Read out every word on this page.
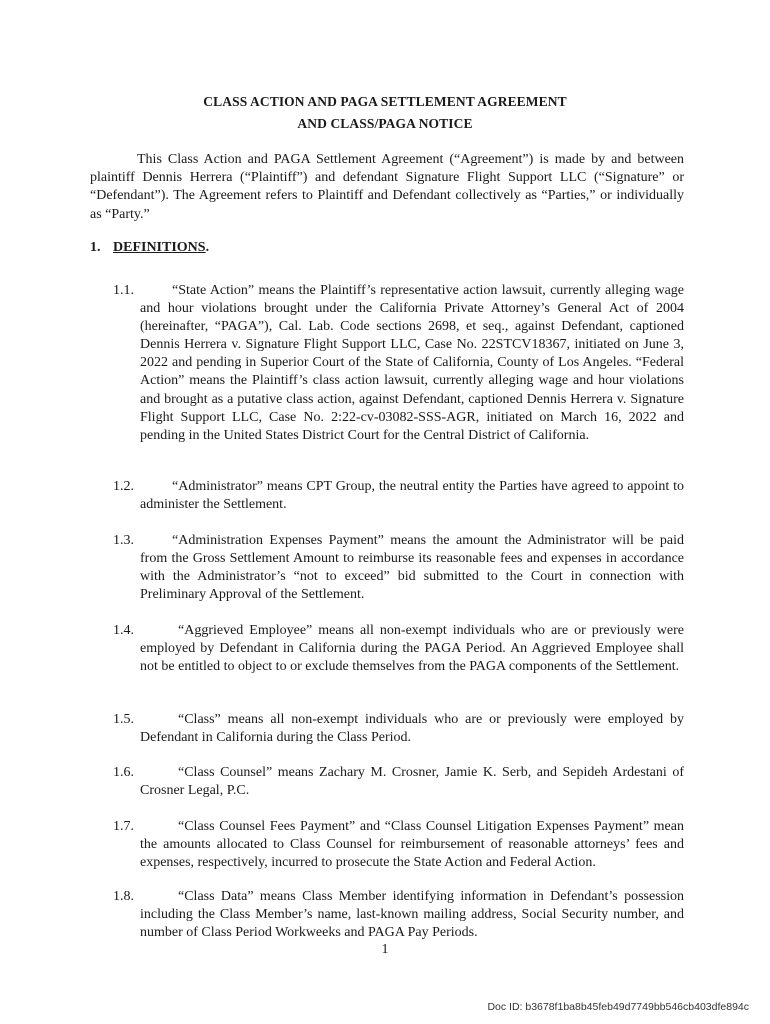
CLASS ACTION AND PAGA SETTLEMENT AGREEMENT
AND CLASS/PAGA NOTICE
This Class Action and PAGA Settlement Agreement (“Agreement”) is made by and between plaintiff Dennis Herrera (“Plaintiff”) and defendant Signature Flight Support LLC (“Signature” or “Defendant”). The Agreement refers to Plaintiff and Defendant collectively as “Parties,” or individually as “Party.”
1. DEFINITIONS.
1.1.	“State Action” means the Plaintiff’s representative action lawsuit, currently alleging wage and hour violations brought under the California Private Attorney’s General Act of 2004 (hereinafter, “PAGA”), Cal. Lab. Code sections 2698, et seq., against Defendant, captioned Dennis Herrera v. Signature Flight Support LLC, Case No. 22STCV18367, initiated on June 3, 2022 and pending in Superior Court of the State of California, County of Los Angeles. “Federal Action” means the Plaintiff’s class action lawsuit, currently alleging wage and hour violations and brought as a putative class action, against Defendant, captioned Dennis Herrera v. Signature Flight Support LLC, Case No. 2:22-cv-03082-SSS-AGR, initiated on March 16, 2022 and pending in the United States District Court for the Central District of California.
1.2.	“Administrator” means CPT Group, the neutral entity the Parties have agreed to appoint to administer the Settlement.
1.3.	“Administration Expenses Payment” means the amount the Administrator will be paid from the Gross Settlement Amount to reimburse its reasonable fees and expenses in accordance with the Administrator’s “not to exceed” bid submitted to the Court in connection with Preliminary Approval of the Settlement.
1.4.	“Aggrieved Employee” means all non-exempt individuals who are or previously were employed by Defendant in California during the PAGA Period. An Aggrieved Employee shall not be entitled to object to or exclude themselves from the PAGA components of the Settlement.
1.5.	“Class” means all non-exempt individuals who are or previously were employed by Defendant in California during the Class Period.
1.6.	“Class Counsel” means Zachary M. Crosner, Jamie K. Serb, and Sepideh Ardestani of Crosner Legal, P.C.
1.7.	“Class Counsel Fees Payment” and “Class Counsel Litigation Expenses Payment” mean the amounts allocated to Class Counsel for reimbursement of reasonable attorneys’ fees and expenses, respectively, incurred to prosecute the State Action and Federal Action.
1.8.	“Class Data” means Class Member identifying information in Defendant’s possession including the Class Member’s name, last-known mailing address, Social Security number, and number of Class Period Workweeks and PAGA Pay Periods.
1
Doc ID: b3678f1ba8b45feb49d7749bb546cb403dfe894c
